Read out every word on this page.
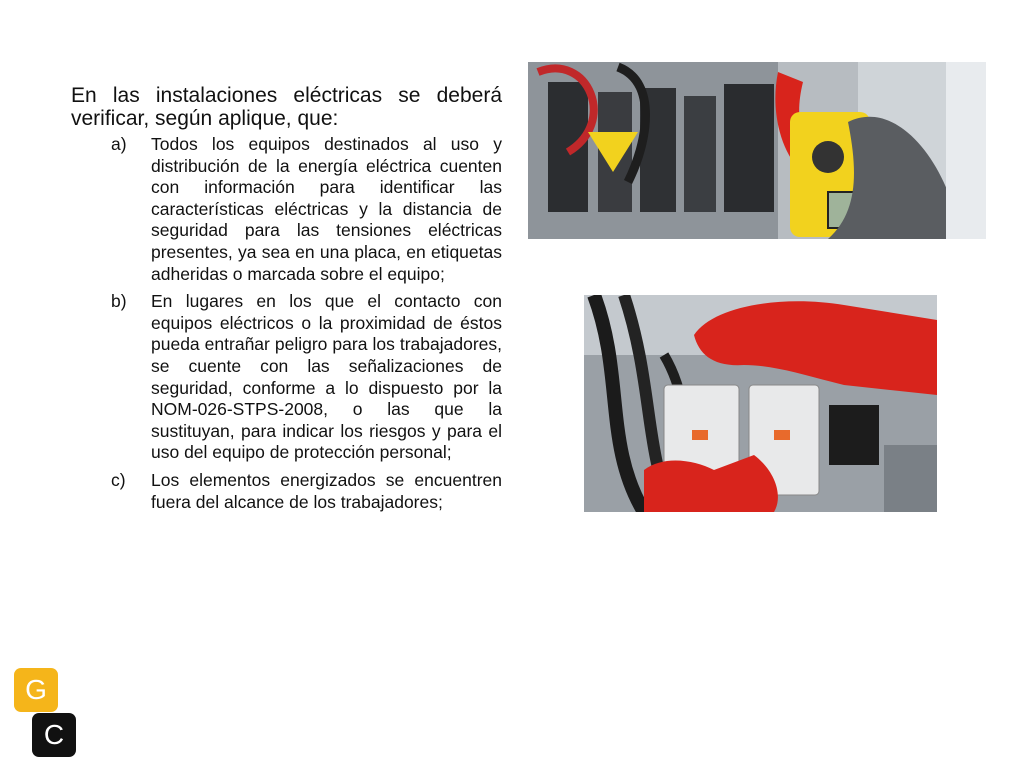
En las instalaciones eléctricas se deberá verificar, según aplique, que:

a)	Todos los equipos destinados al uso y distribución de la energía eléctrica cuenten con información para identificar las características eléctricas y la distancia de seguridad para las tensiones eléctricas presentes, ya sea en una placa, en etiquetas adheridas o marcada sobre el equipo;
b)	En lugares en los que el contacto con equipos eléctricos o la proximidad de éstos pueda entrañar peligro para los trabajadores, se cuente con las señalizaciones de seguridad, conforme a lo dispuesto por la NOM-026-STPS-2008, o las que la sustituyan, para indicar los riesgos y para el uso del equipo de protección personal;
c)	Los elementos energizados se encuentren fuera del alcance de los trabajadores;
G
C
